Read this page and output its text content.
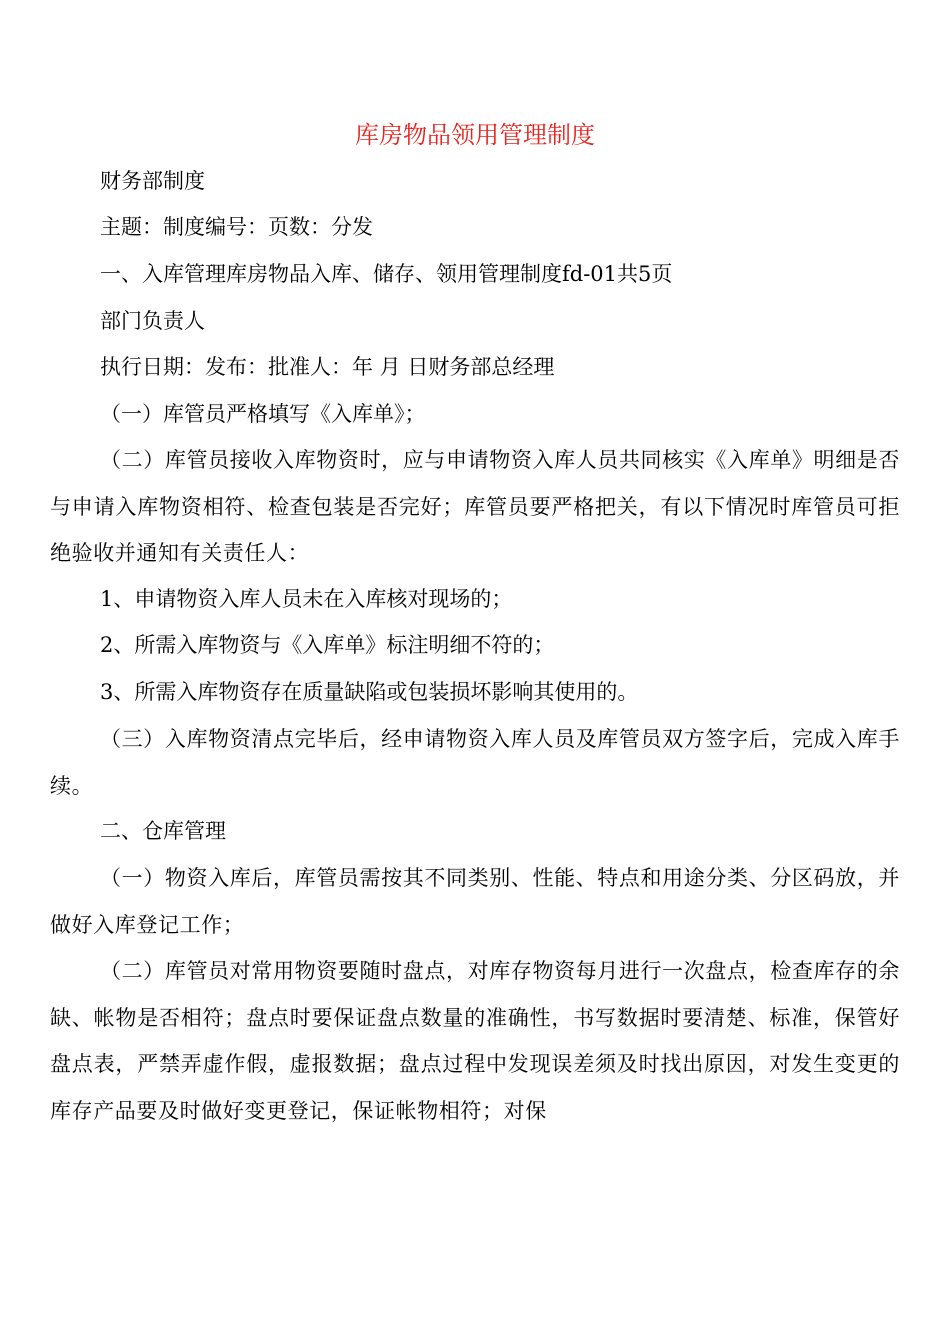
库房物品领用管理制度
财务部制度
主题：制度编号：页数：分发
一、入库管理库房物品入库、储存、领用管理制度fd-01共5页
部门负责人
执行日期：发布：批准人：年 月 日财务部总经理
（一）库管员严格填写《入库单》；
（二）库管员接收入库物资时，应与申请物资入库人员共同核实《入库单》明细是否与申请入库物资相符、检查包装是否完好；库管员要严格把关，有以下情况时库管员可拒绝验收并通知有关责任人：
1、申请物资入库人员未在入库核对现场的；
2、所需入库物资与《入库单》标注明细不符的；
3、所需入库物资存在质量缺陷或包装损坏影响其使用的。
（三）入库物资清点完毕后，经申请物资入库人员及库管员双方签字后，完成入库手续。
二、仓库管理
（一）物资入库后，库管员需按其不同类别、性能、特点和用途分类、分区码放，并做好入库登记工作；
（二）库管员对常用物资要随时盘点，对库存物资每月进行一次盘点，检查库存的余缺、帐物是否相符；盘点时要保证盘点数量的准确性，书写数据时要清楚、标准，保管好盘点表，严禁弄虚作假，虚报数据；盘点过程中发现误差须及时找出原因，对发生变更的库存产品要及时做好变更登记，保证帐物相符；对保
